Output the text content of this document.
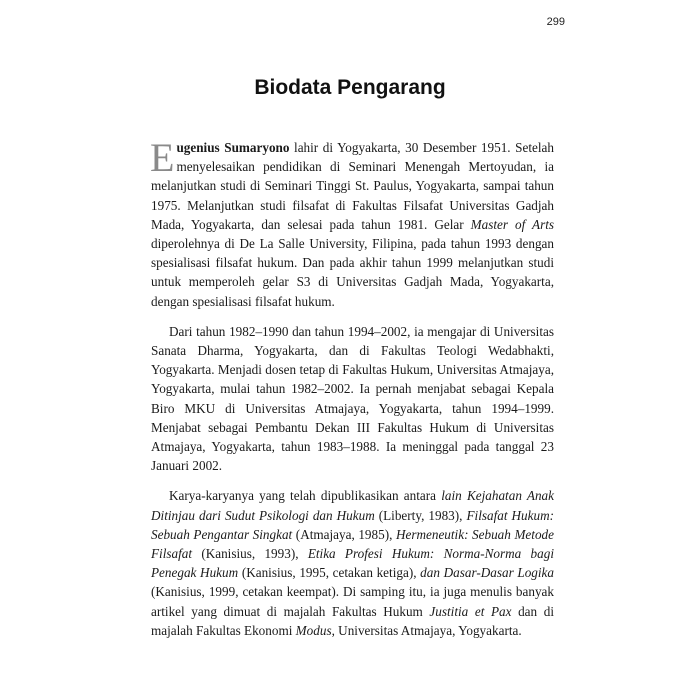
299
Biodata Pengarang

Eugenius Sumaryono lahir di Yogyakarta, 30 Desember 1951. Setelah menyelesaikan pendidikan di Seminari Menengah Mertoyudan, ia melanjutkan studi di Seminari Tinggi St. Paulus, Yogyakarta, sampai tahun 1975. Melanjutkan studi filsafat di Fakultas Filsafat Universitas Gadjah Mada, Yogyakarta, dan selesai pada tahun 1981. Gelar Master of Arts diperolehnya di De La Salle University, Filipina, pada tahun 1993 dengan spesialisasi filsafat hukum. Dan pada akhir tahun 1999 melanjutkan studi untuk memperoleh gelar S3 di Universitas Gadjah Mada, Yogyakarta, dengan spesialisasi filsafat hukum.

Dari tahun 1982–1990 dan tahun 1994–2002, ia mengajar di Universitas Sanata Dharma, Yogyakarta, dan di Fakultas Teologi Wedabhakti, Yogyakarta. Menjadi dosen tetap di Fakultas Hukum, Universitas Atmajaya, Yogyakarta, mulai tahun 1982–2002. Ia pernah menjabat sebagai Kepala Biro MKU di Universitas Atmajaya, Yogyakarta, tahun 1994–1999. Menjabat sebagai Pembantu Dekan III Fakultas Hukum di Universitas Atmajaya, Yogyakarta, tahun 1983–1988. Ia meninggal pada tanggal 23 Januari 2002.

Karya-karyanya yang telah dipublikasikan antara lain Kejahatan Anak Ditinjau dari Sudut Psikologi dan Hukum (Liberty, 1983), Filsafat Hukum: Sebuah Pengantar Singkat (Atmajaya, 1985), Hermeneutik: Sebuah Metode Filsafat (Kanisius, 1993), Etika Profesi Hukum: Norma-Norma bagi Penegak Hukum (Kanisius, 1995, cetakan ketiga), dan Dasar-Dasar Logika (Kanisius, 1999, cetakan keempat). Di samping itu, ia juga menulis banyak artikel yang dimuat di majalah Fakultas Hukum Justitia et Pax dan di majalah Fakultas Ekonomi Modus, Universitas Atmajaya, Yogyakarta.
